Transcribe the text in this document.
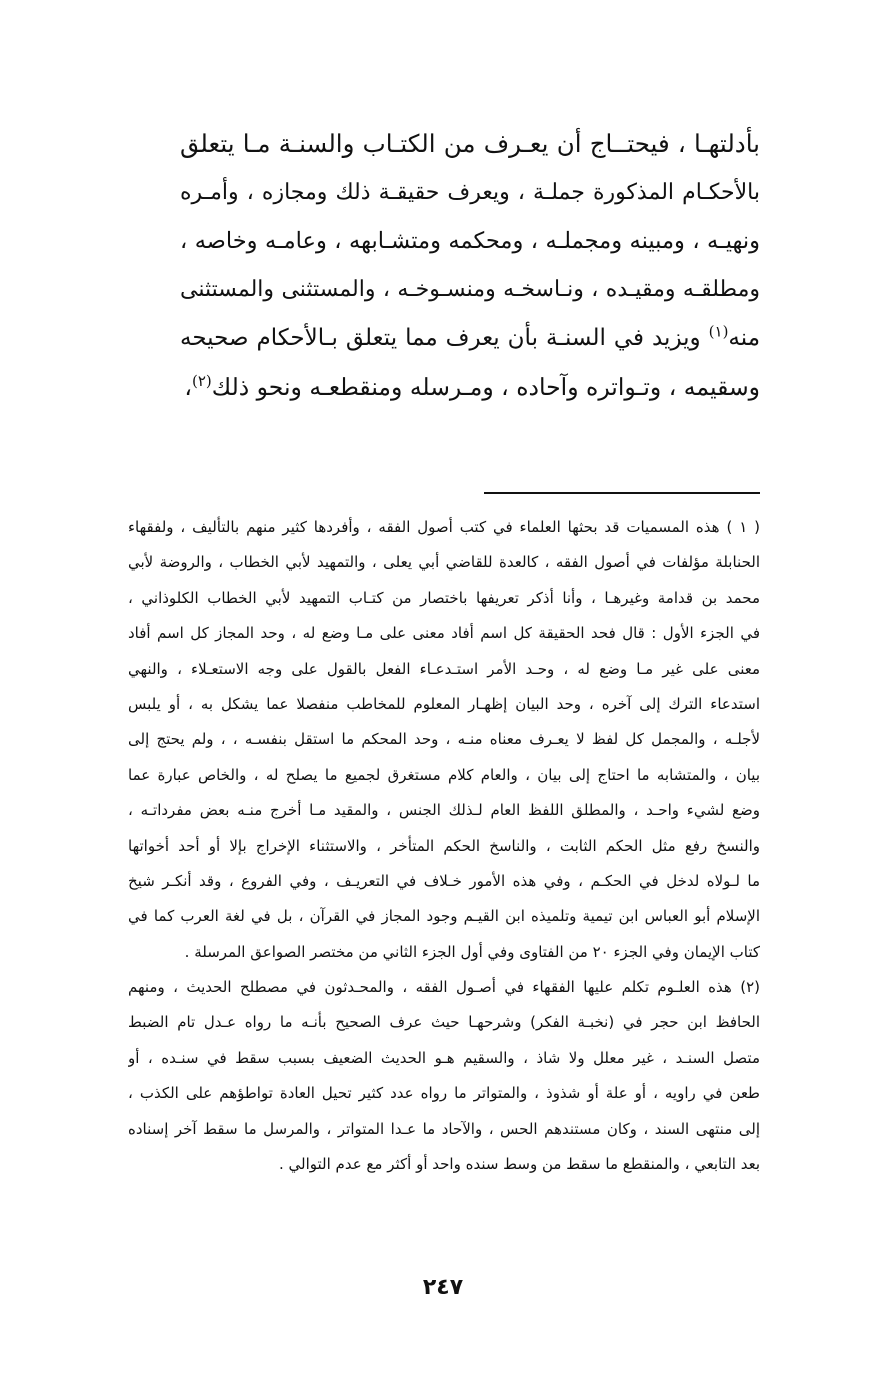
بأدلتهـا ، فيحتــاج أن يعـرف من الكتـاب والسنـة مـا يتعلق
بالأحكـام المذكورة جملـة ، ويعرف حقيقـة ذلك ومجازه ، وأمـره
ونهيـه ، ومبينه ومجملـه ، ومحكمه ومتشـابهه ، وعامـه وخاصه ،
ومطلقـه ومقيـده ، ونـاسخـه ومنسـوخـه ، والمستثنى والمستثنى
منه$^{(١)}$ ويزيد في السنـة بأن يعرف مما يتعلق بـالأحكام صحيحه
وسقيمه ، وتـواتره وآحاده ، ومـرسله ومنقطعـه ونحو ذلك$^{(٢)}$،
( ١ ) هذه المسميات قد بحثها العلماء في كتب أصول الفقه ، وأفردها كثير منهم بالتأليف ، ولفقهاء
الحنابلة مؤلفات في أصول الفقه ، كالعدة للقاضي أبي يعلى ، والتمهيد لأبي الخطاب ، والروضة لأبي
محمد بن قدامة وغيرهـا ، وأنا أذكر تعريفها باختصار من كتـاب التمهيد لأبي الخطاب الكلوذاني ،
في الجزء الأول : قال فحد الحقيقة كل اسم أفاد معنى على مـا وضع له ، وحد المجاز كل اسم أفاد
معنى على غير مـا وضع له ، وحـد الأمر استـدعـاء الفعل بالقول على وجه الاستعـلاء ، والنهي
استدعاء الترك إلى آخره ، وحد البيان إظهـار المعلوم للمخاطب منفصلا عما يشكل به ، أو يلبس
لأجلـه ، والمجمل كل لفظ لا يعـرف معناه منـه ، وحد المحكم ما استقل بنفسـه ، ، ولم يحتج إلى
بيان ، والمتشابه ما احتاج إلى بيان ، والعام كلام مستغرق لجميع ما يصلح له ، والخاص عبارة عما
وضع لشيء واحـد ، والمطلق اللفظ العام لـذلك الجنس ، والمقيد مـا أخرج منـه بعض مفرداتـه ،
والنسخ رفع مثل الحكم الثابت ، والناسخ الحكم المتأخر ، والاستثناء الإخراج بإلا أو أحد أخواتها
ما لـولاه لدخل في الحكـم ، وفي هذه الأمور خـلاف في التعريـف ، وفي الفروع ، وقد أنكـر شيخ
الإسلام أبو العباس ابن تيمية وتلميذه ابن القيـم وجود المجاز في القرآن ، بل في لغة العرب كما في
كتاب الإيمان وفي الجزء ٢٠ من الفتاوى وفي أول الجزء الثاني من مختصر الصواعق المرسلة .
(٢) هذه العلـوم تكلم عليها الفقهاء في أصـول الفقه ، والمحـدثون في مصطلح الحديث ، ومنهم
الحافظ ابن حجر في (نخبـة الفكر) وشرحهـا حيث عرف الصحيح بأنـه ما رواه عـدل تام الضبط
متصل السنـد ، غير معلل ولا شاذ ، والسقيم هـو الحديث الضعيف بسبب سقط في سنـده ، أو
طعن في راويه ، أو علة أو شذوذ ، والمتواتر ما رواه عدد كثير تحيل العادة تواطؤهم على الكذب ،
إلى منتهى السند ، وكان مستندهم الحس ، والآحاد ما عـدا المتواتر ، والمرسل ما سقط آخر إسناده
بعد التابعي ، والمنقطع ما سقط من وسط سنده واحد أو أكثر مع عدم التوالي .
٢٤٧
